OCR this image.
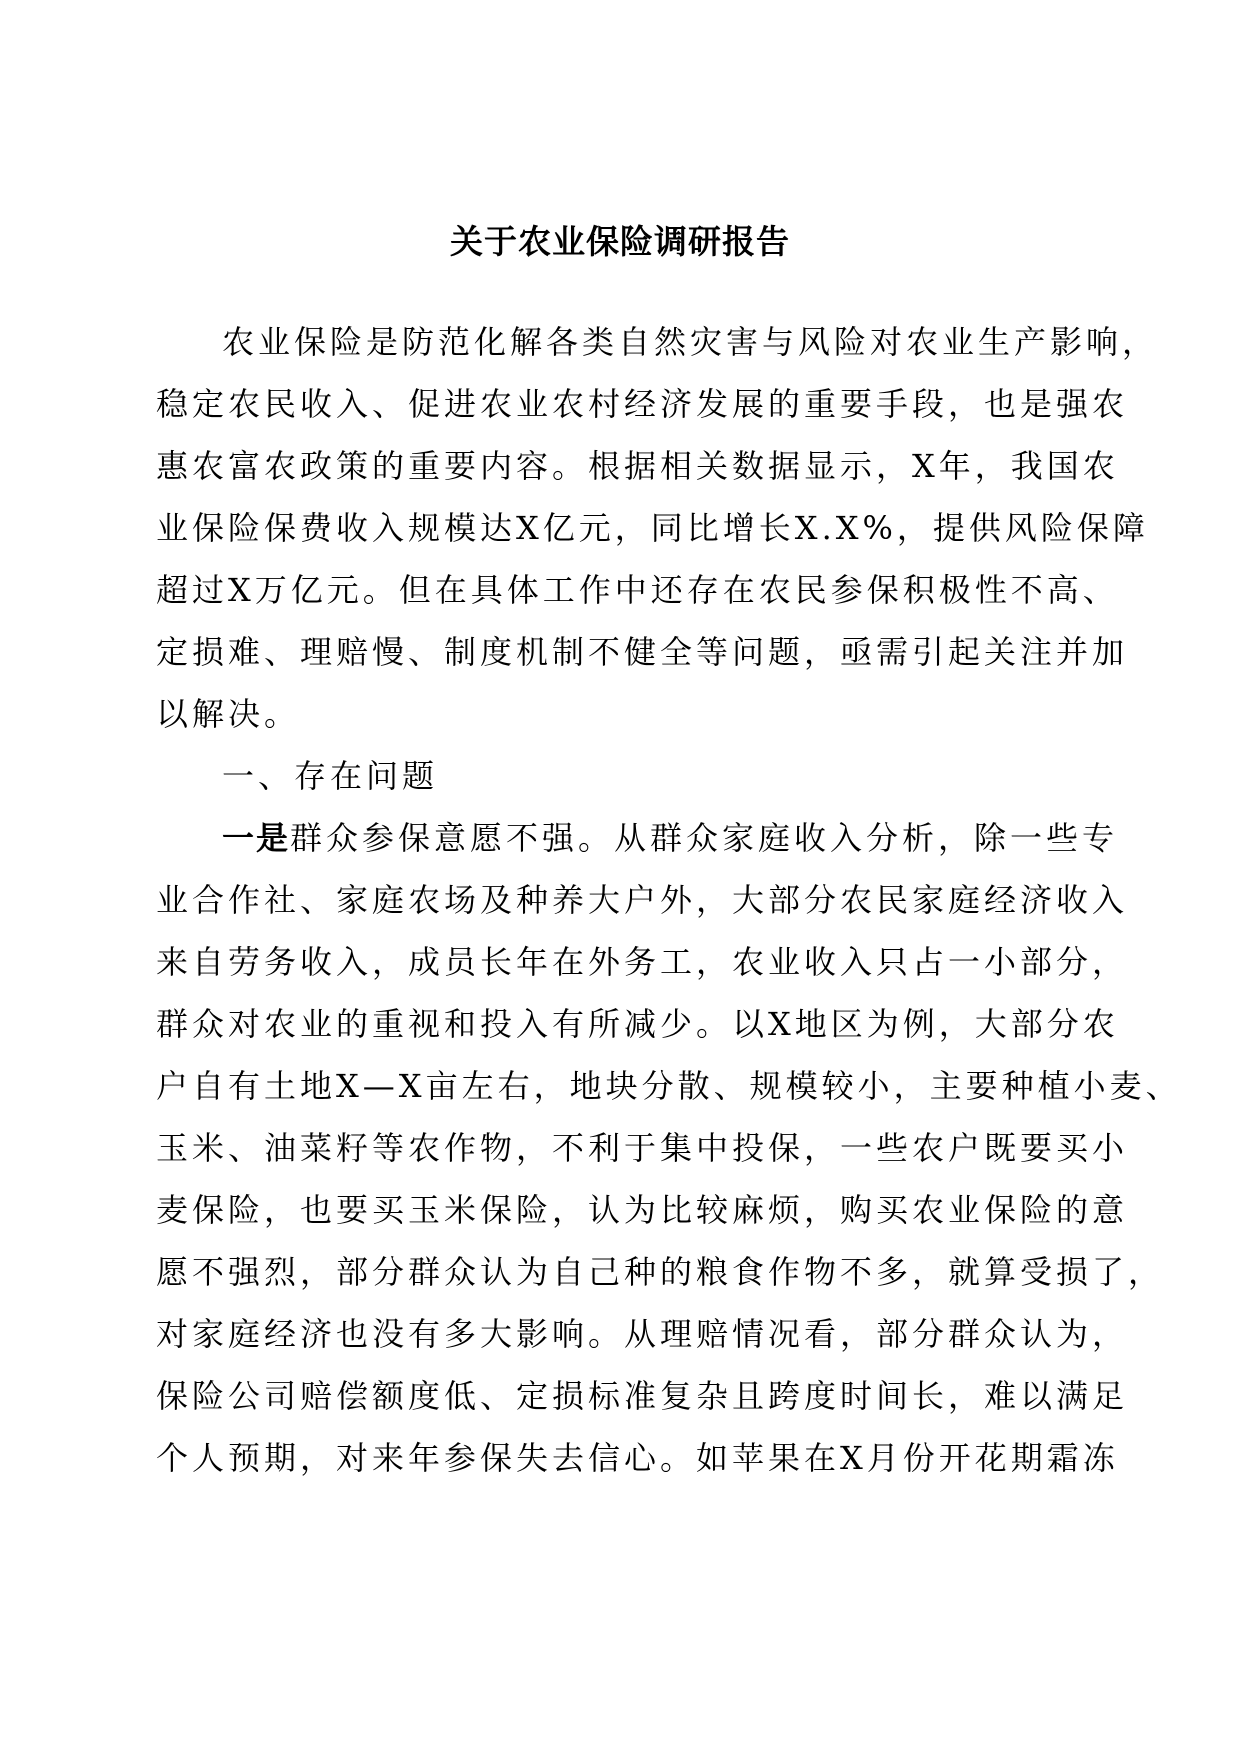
关于农业保险调研报告
农业保险是防范化解各类自然灾害与风险对农业生产影响，
稳定农民收入、促进农业农村经济发展的重要手段，也是强农
惠农富农政策的重要内容。根据相关数据显示，X年，我国农
业保险保费收入规模达X亿元，同比增长X.X%，提供风险保障
超过X万亿元。但在具体工作中还存在农民参保积极性不高、
定损难、理赔慢、制度机制不健全等问题，亟需引起关注并加
以解决。
一、存在问题
一是群众参保意愿不强。从群众家庭收入分析，除一些专
业合作社、家庭农场及种养大户外，大部分农民家庭经济收入
来自劳务收入，成员长年在外务工，农业收入只占一小部分，
群众对农业的重视和投入有所减少。以X地区为例，大部分农
户自有土地X—X亩左右，地块分散、规模较小，主要种植小麦、
玉米、油菜籽等农作物，不利于集中投保，一些农户既要买小
麦保险，也要买玉米保险，认为比较麻烦，购买农业保险的意
愿不强烈，部分群众认为自己种的粮食作物不多，就算受损了，
对家庭经济也没有多大影响。从理赔情况看，部分群众认为，
保险公司赔偿额度低、定损标准复杂且跨度时间长，难以满足
个人预期，对来年参保失去信心。如苹果在X月份开花期霜冻
